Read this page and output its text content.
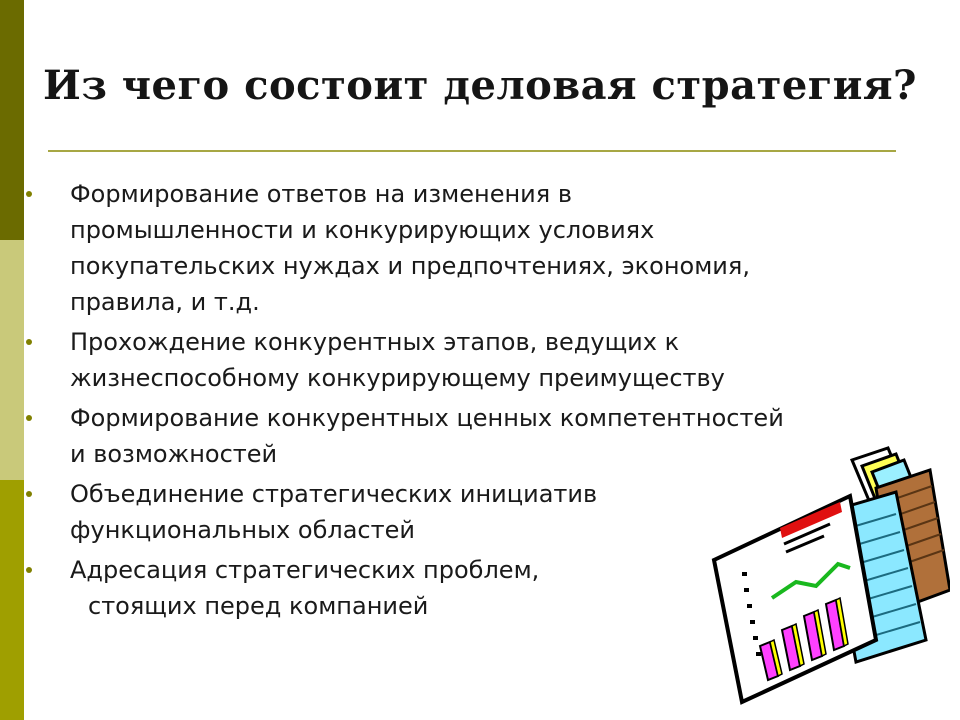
Из чего состоит деловая стратегия?
Формирование ответов на изменения в
промышленности и конкурирующих условиях
покупательских нуждах и предпочтениях, экономия,
правила, и т.д.
Прохождение конкурентных этапов, ведущих к
жизнеспособному конкурирующему преимуществу
Формирование конкурентных ценных компетентностей
и возможностей
Объединение стратегических инициатив
функциональных областей
Адресация стратегических проблем,
стоящих перед компанией
